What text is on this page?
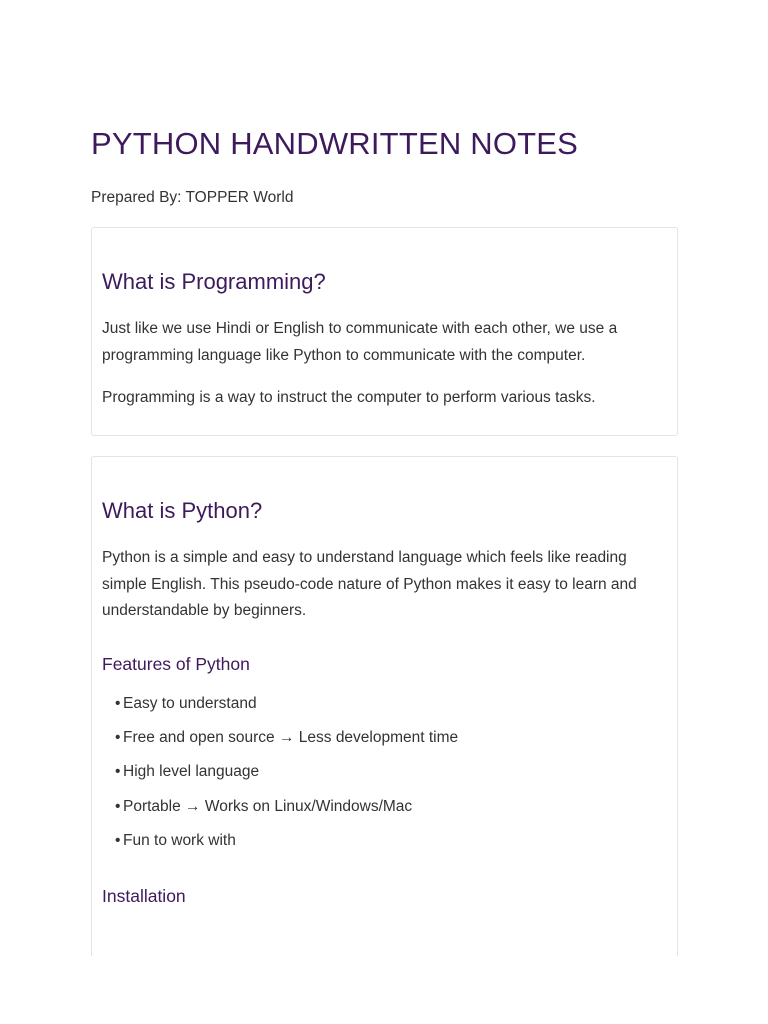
PYTHON HANDWRITTEN NOTES

Prepared By: TOPPER World

What is Programming?

Just like we use Hindi or English to communicate with each other, we use a
programming language like Python to communicate with the computer.

Programming is a way to instruct the computer to perform various tasks.

What is Python?

Python is a simple and easy to understand language which feels like reading
simple English. This pseudo-code nature of Python makes it easy to learn and
understandable by beginners.

Features of Python
• Easy to understand
• Free and open source → Less development time
• High level language
• Portable → Works on Linux/Windows/Mac
• Fun to work with
Installation
